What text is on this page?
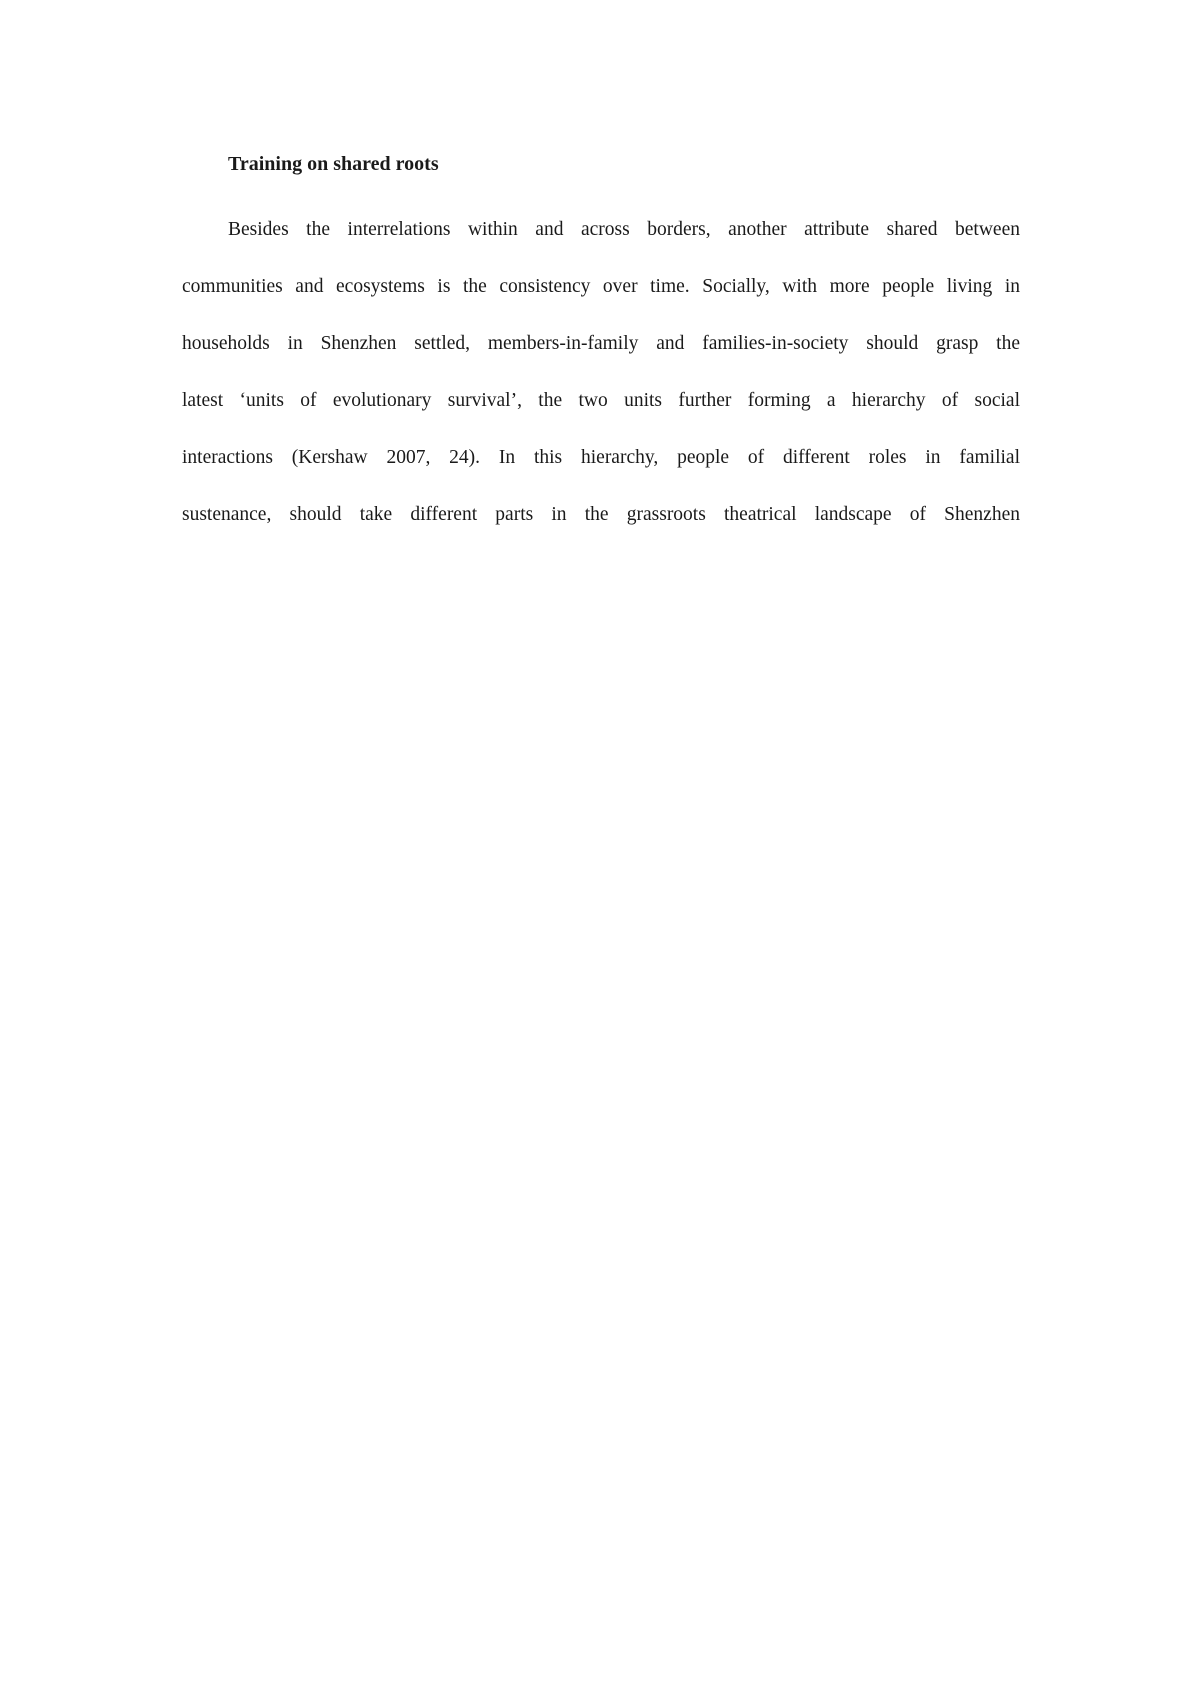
Training on shared roots
Besides the interrelations within and across borders, another attribute shared between
communities and ecosystems is the consistency over time. Socially, with more people living in
households in Shenzhen settled, members-in-family and families-in-society should grasp the
latest ‘units of evolutionary survival’, the two units further forming a hierarchy of social
interactions (Kershaw 2007, 24). In this hierarchy, people of different roles in familial
sustenance, should take different parts in the grassroots theatrical landscape of Shenzhen
